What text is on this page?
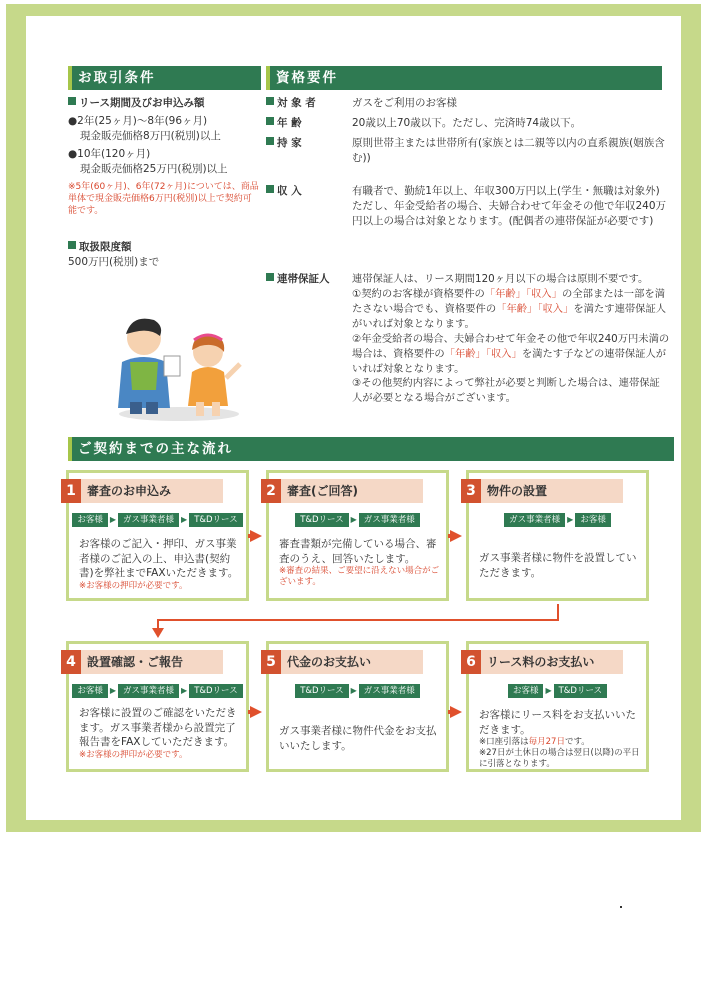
お取引条件
リース期間及びお申込み額
●2年(25ヶ月)～8年(96ヶ月)
現金販売価格8万円(税別)以上
●10年(120ヶ月)
現金販売価格25万円(税別)以上
※5年(60ヶ月)、6年(72ヶ月)については、商品単体で現金販売価格6万円(税別)以上で契約可能です。
取扱限度額
500万円(税別)まで
資格要件
対 象 者	ガスをご利用のお客様
年 齢	20歳以上70歳以下。ただし、完済時74歳以下。
持 家	原則世帯主または世帯所有(家族とは二親等以内の直系親族(姻族含む))
収 入	有職者で、勤続1年以上、年収300万円以上(学生・無職は対象外)
ただし、年金受給者の場合、夫婦合わせて年金その他で年収240万円以上の場合は対象となります。(配偶者の連帯保証が必要です)
連帯保証人	連帯保証人は、リース期間120ヶ月以下の場合は原則不要です。
①契約のお客様が資格要件の「年齢」「収入」の全部または一部を満たさない場合でも、資格要件の「年齢」「収入」を満たす連帯保証人がいれば対象となります。
②年金受給者の場合、夫婦合わせて年金その他で年収240万円未満の場合は、資格要件の「年齢」「収入」を満たす子などの連帯保証人がいれば対象となります。
③その他契約内容によって弊社が必要と判断した場合は、連帯保証人が必要となる場合がございます。
ご契約までの主な流れ
1 審査のお申込み
お客様 ▶ ガス事業者様 ▶ T&Dリース
お客様のご記入・押印、ガス事業者様のご記入の上、申込書(契約書)を弊社までFAXいただきます。
※お客様の押印が必要です。
2 審査(ご回答)
T&Dリース ▶ ガス事業者様
審査書類が完備している場合、審査のうえ、回答いたします。
※審査の結果、ご要望に沿えない場合がございます。
3 物件の設置
ガス事業者様 ▶ お客様
ガス事業者様に物件を設置していただきます。
4 設置確認・ご報告
お客様 ▶ ガス事業者様 ▶ T&Dリース
お客様に設置のご確認をいただきます。ガス事業者様から設置完了報告書をFAXしていただきます。
※お客様の押印が必要です。
5 代金のお支払い
T&Dリース ▶ ガス事業者様
ガス事業者様に物件代金をお支払いいたします。
6 リース料のお支払い
お客様 ▶ T&Dリース
お客様にリース料をお支払いいただきます。
※口座引落は毎月27日です。
※27日が土休日の場合は翌日(以降)の平日に引落となります。
